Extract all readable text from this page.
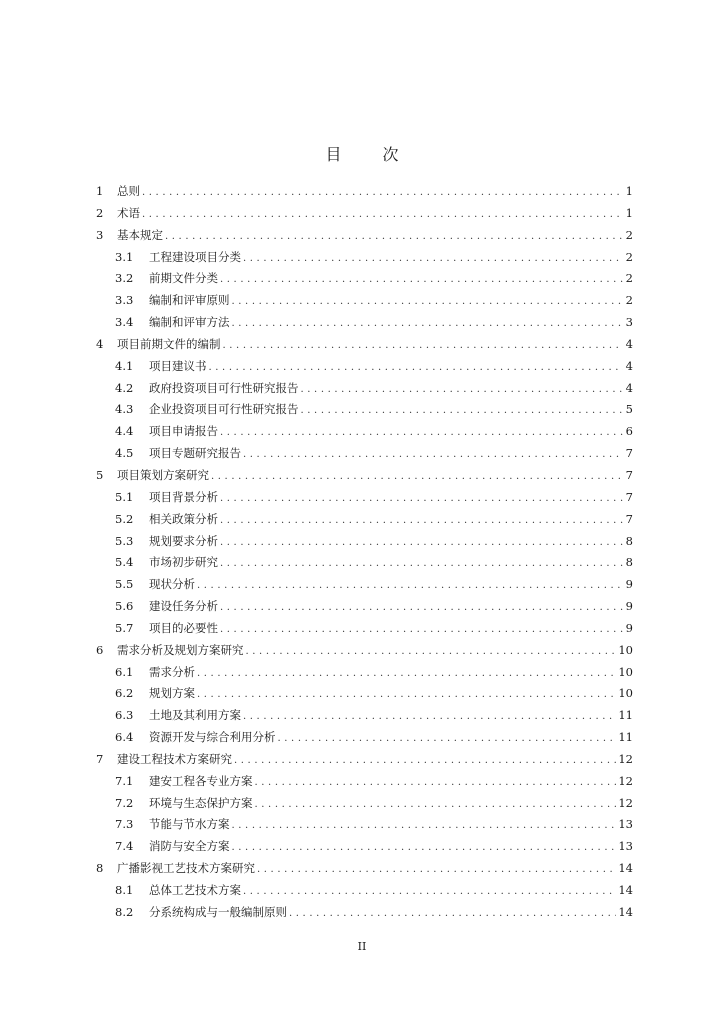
目 次
1	总则 .....	1
2	术语 .....	1
3	基本规定 .....	2
3.1	工程建设项目分类 .....	2
3.2	前期文件分类 .....	2
3.3	编制和评审原则 .....	2
3.4	编制和评审方法 .....	3
4	项目前期文件的编制 .....	4
4.1	项目建议书 .....	4
4.2	政府投资项目可行性研究报告 .....	4
4.3	企业投资项目可行性研究报告 .....	5
4.4	项目申请报告 .....	6
4.5	项目专题研究报告 .....	7
5	项目策划方案研究 .....	7
5.1	项目背景分析 .....	7
5.2	相关政策分析 .....	7
5.3	规划要求分析 .....	8
5.4	市场初步研究 .....	8
5.5	现状分析 .....	9
5.6	建设任务分析 .....	9
5.7	项目的必要性 .....	9
6	需求分析及规划方案研究 .....	10
6.1	需求分析 .....	10
6.2	规划方案 .....	10
6.3	土地及其利用方案 .....	11
6.4	资源开发与综合利用分析 .....	11
7	建设工程技术方案研究 .....	12
7.1	建安工程各专业方案 .....	12
7.2	环境与生态保护方案 .....	12
7.3	节能与节水方案 .....	13
7.4	消防与安全方案 .....	13
8	广播影视工艺技术方案研究 .....	14
8.1	总体工艺技术方案 .....	14
8.2	分系统构成与一般编制原则 .....	14
II
